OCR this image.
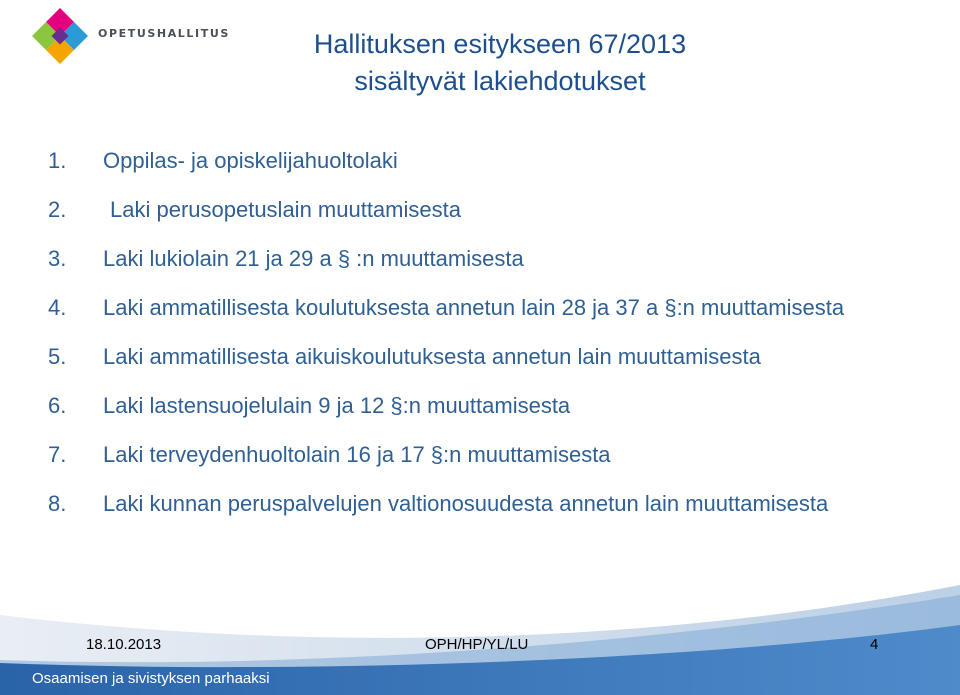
OPETUSHALLITUS	Hallituksen esitykseen 67/2013
sisältyvät lakiehdotukset
1. Oppilas- ja opiskelijahuoltolaki
2. Laki perusopetuslain muuttamisesta
3. Laki lukiolain 21 ja 29 a § :n muuttamisesta
4. Laki ammatillisesta koulutuksesta annetun lain 28 ja 37 a §:n muuttamisesta
5. Laki ammatillisesta aikuiskoulutuksesta annetun lain muuttamisesta
6. Laki lastensuojelulain 9 ja 12 §:n muuttamisesta
7. Laki terveydenhuoltolain 16 ja 17 §:n muuttamisesta
8. Laki kunnan peruspalvelujen valtionosuudesta annetun lain muuttamisesta
18.10.2013	OPH/HP/YL/LU	4
Osaamisen ja sivistyksen parhaaksi
